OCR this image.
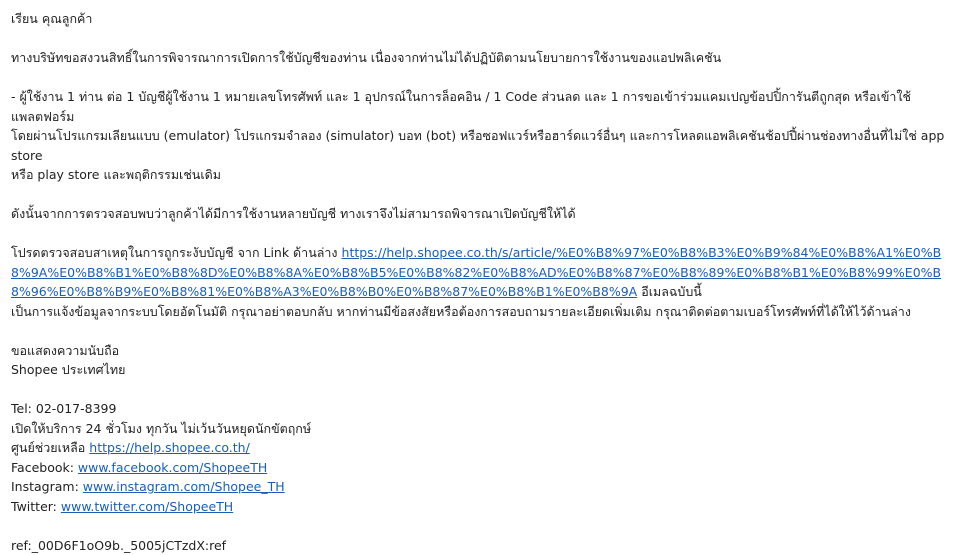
เรียน คุณลูกค้า

ทางบริษัทขอสงวนสิทธิ์ในการพิจารณาการเปิดการใช้บัญชีของท่าน เนื่องจากท่านไม่ได้ปฏิบัติตามนโยบายการใช้งานของแอปพลิเคชัน

- ผู้ใช้งาน 1 ท่าน ต่อ 1 บัญชีผู้ใช้งาน 1 หมายเลขโทรศัพท์ และ 1 อุปกรณ์ในการล็อคอิน / 1 Code ส่วนลด และ 1 การขอเข้าร่วมแคมเปญข้อปปิ้การันตีถูกสุด หรือเข้าใช้แพลตฟอร์ม

โดยผ่านโปรแกรมเลียนแบบ (emulator) โปรแกรมจำลอง (simulator) บอท (bot) หรือซอฟแวร์หรือฮาร์ดแวร์อื่นๆ และการโหลดแอพลิเคชันช้อปปี้ผ่านช่องทางอื่นที่ไม่ใช่ app store

หรือ play store และพฤติกรรมเช่นเดิม

ดังนั้นจากการตรวจสอบพบว่าลูกค้าได้มีการใช้งานหลายบัญชี ทางเราจึงไม่สามารถพิจารณาเปิดบัญชีให้ได้

โปรดตรวจสอบสาเหตุในการถูกระงับบัญชี จาก Link ด้านล่าง https://help.shopee.co.th/s/article/%E0%B8%97%E0%B8%B3%E0%B9%84%E0%B8%A1%E0%B8%9A%E0%B8%B1%E0%B8%8D%E0%B8%8A%E0%B8%B5%E0%B8%82%E0%B8%AD%E0%B8%87%E0%B8%89%E0%B8%B1%E0%B8%99%E0%B8%96%E0%B8%B9%E0%B8%81%E0%B8%A3%E0%B8%B0%E0%B8%87%E0%B8%B1%E0%B8%9A อีเมลฉบับนี้

เป็นการแจ้งข้อมูลจากระบบโดยอัตโนมัติ กรุณาอย่าตอบกลับ หากท่านมีข้อสงสัยหรือต้องการสอบถามรายละเอียดเพิ่มเติม กรุณาติดต่อตามเบอร์โทรศัพท์ที่ได้ให้ไว้ด้านล่าง

ขอแสดงความนับถือ

Shopee ประเทศไทย

Tel: 02-017-8399

เปิดให้บริการ 24 ชั่วโมง ทุกวัน ไม่เว้นวันหยุดนักขัตฤกษ์

ศูนย์ช่วยเหลือ https://help.shopee.co.th/

Facebook: www.facebook.com/ShopeeTH

Instagram: www.instagram.com/Shopee_TH

Twitter: www.twitter.com/ShopeeTH

ref:_00D6F1oO9b._5005jCTzdX:ref
